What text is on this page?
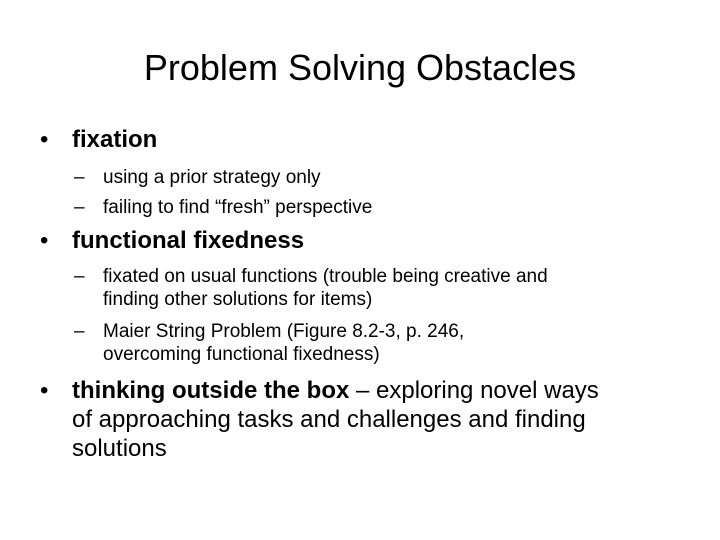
Problem Solving Obstacles
• fixation
– using a prior strategy only
– failing to find “fresh” perspective
• functional fixedness
– fixated on usual functions (trouble being creative and
finding other solutions for items)
– Maier String Problem (Figure 8.2-3, p. 246,
overcoming functional fixedness)
• thinking outside the box – exploring novel ways
of approaching tasks and challenges and finding
solutions
